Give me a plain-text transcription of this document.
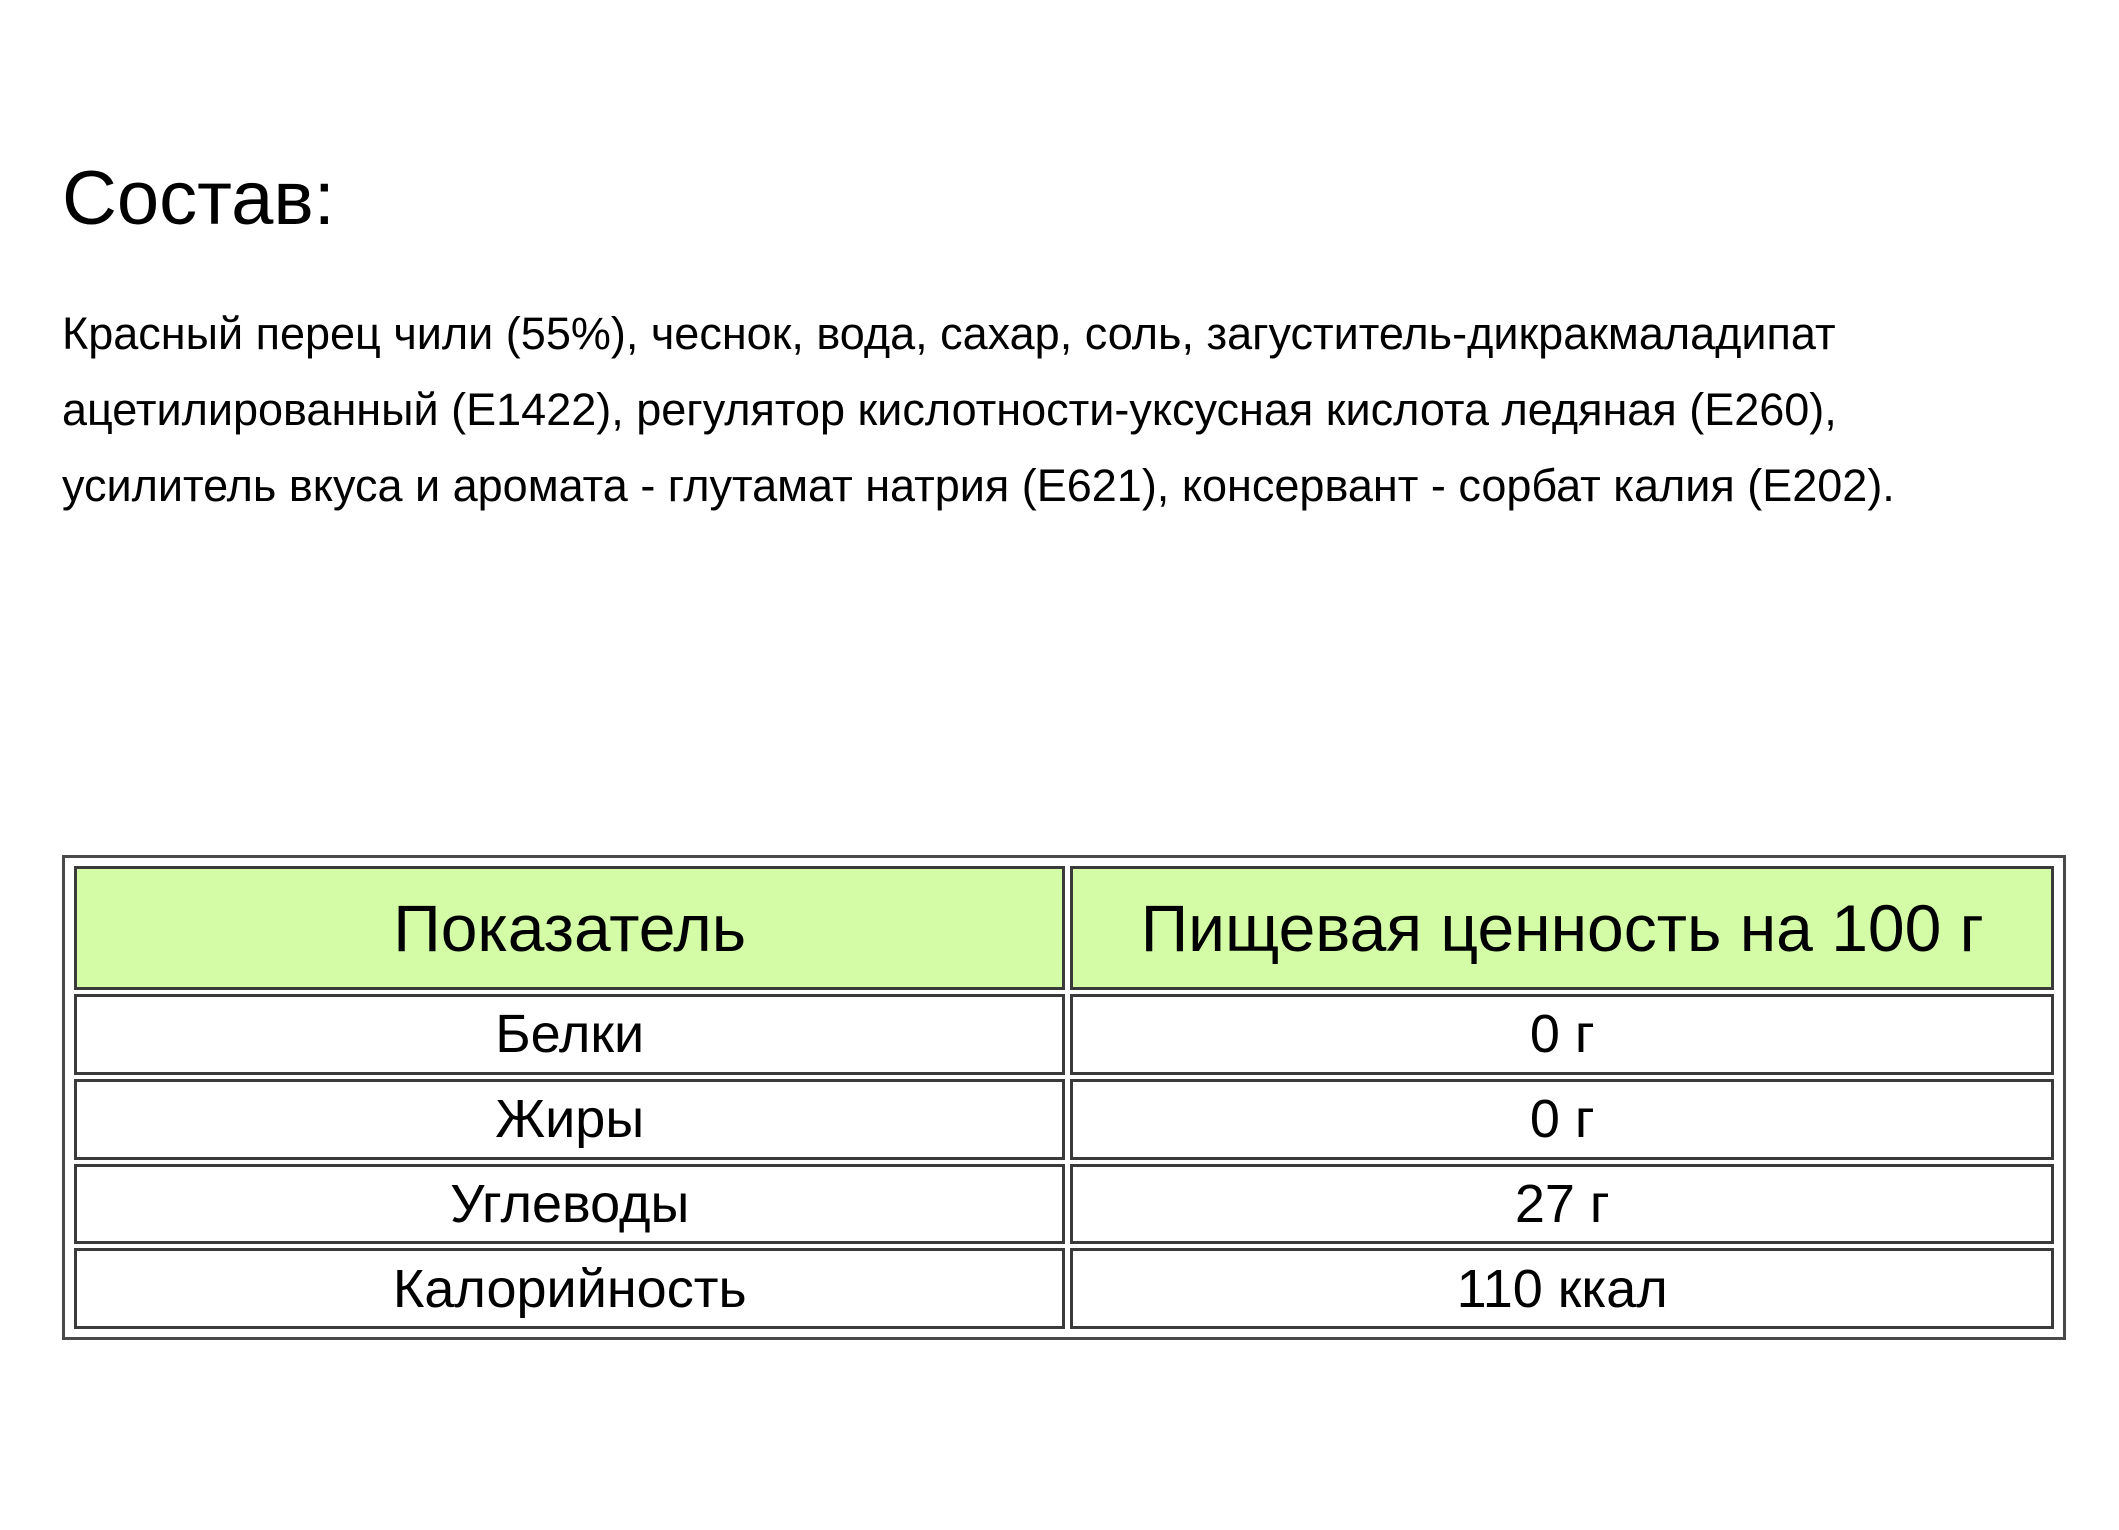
Состав:

Красный перец чили (55%), чеснок, вода, сахар, соль, загуститель-дикракмаладипат
ацетилированный (Е1422), регулятор кислотности-уксусная кислота ледяная (Е260),
усилитель вкуса и аромата - глутамат натрия (Е621), консервант - сорбат калия (Е202).

Показатель	Пищевая ценность на 100 г
Белки	0 г
Жиры	0 г
Углеводы	27 г
Калорийность	110 ккал
